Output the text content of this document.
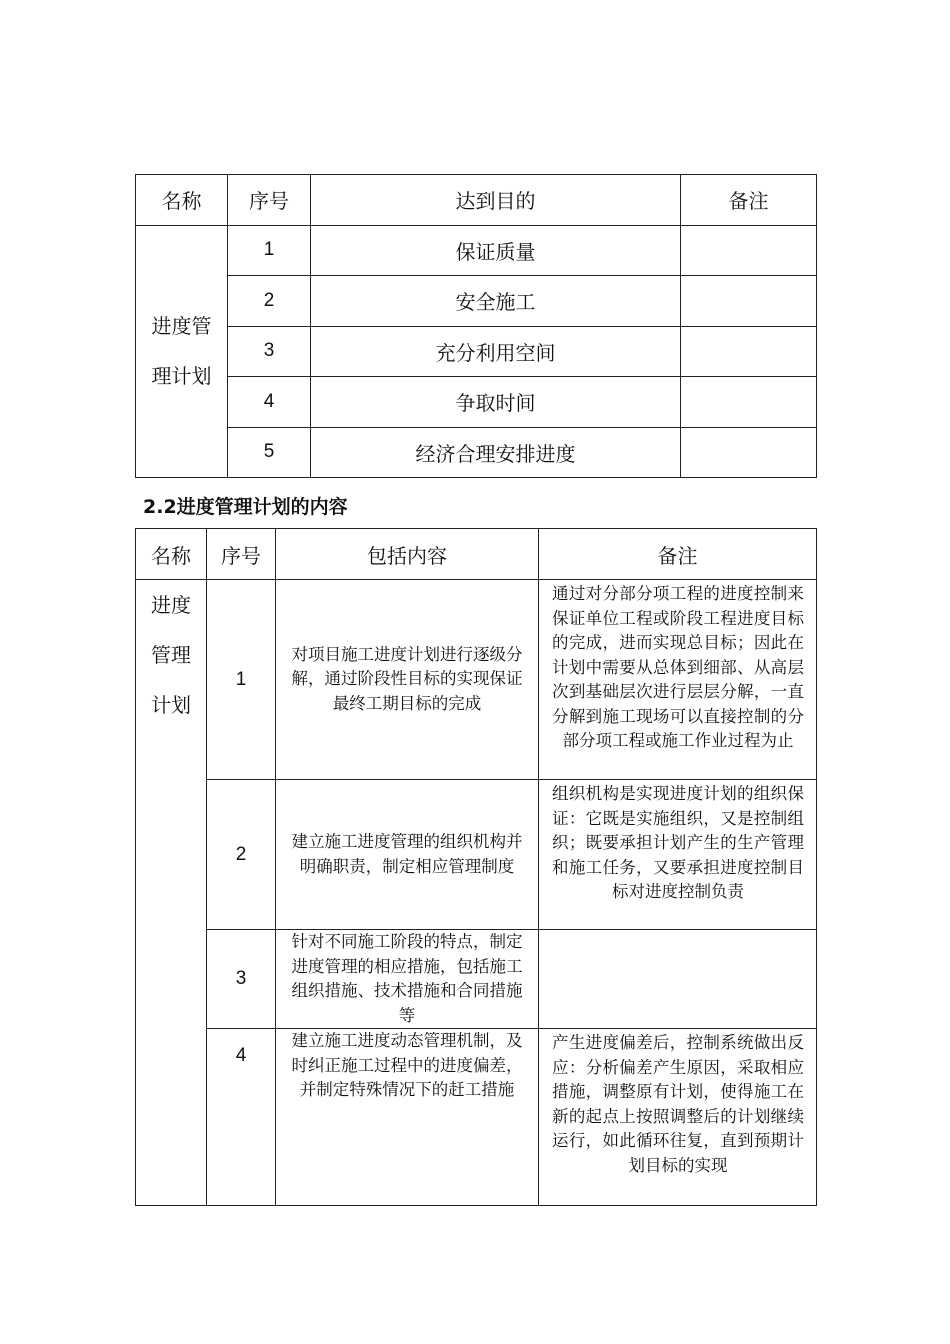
名称	序号	达到目的	备注

进度管
理计划	1	保证质量	
	2	安全施工	
	3	充分利用空间	
	4	争取时间	
	5	经济合理安排进度	
2.2进度管理计划的内容
名称	序号	包括内容	备注

进度
管理
计划	1	对项目施工进度计划进行逐级分解，通过阶段性目标的实现保证最终工期目标的完成	通过对分部分项工程的进度控制来保证单位工程或阶段工程进度目标的完成，进而实现总目标；因此在计划中需要从总体到细部、从高层次到基础层次进行层层分解，一直分解到施工现场可以直接控制的分部分项工程或施工作业过程为止
	2	建立施工进度管理的组织机构并明确职责，制定相应管理制度	组织机构是实现进度计划的组织保证：它既是实施组织，又是控制组织；既要承担计划产生的生产管理和施工任务，又要承担进度控制目标对进度控制负责
	3	针对不同施工阶段的特点，制定进度管理的相应措施，包括施工组织措施、技术措施和合同措施等	
	4	建立施工进度动态管理机制，及时纠正施工过程中的进度偏差，并制定特殊情况下的赶工措施	产生进度偏差后，控制系统做出反应：分析偏差产生原因，采取相应措施，调整原有计划，使得施工在新的起点上按照调整后的计划继续运行，如此循环往复，直到预期计划目标的实现
